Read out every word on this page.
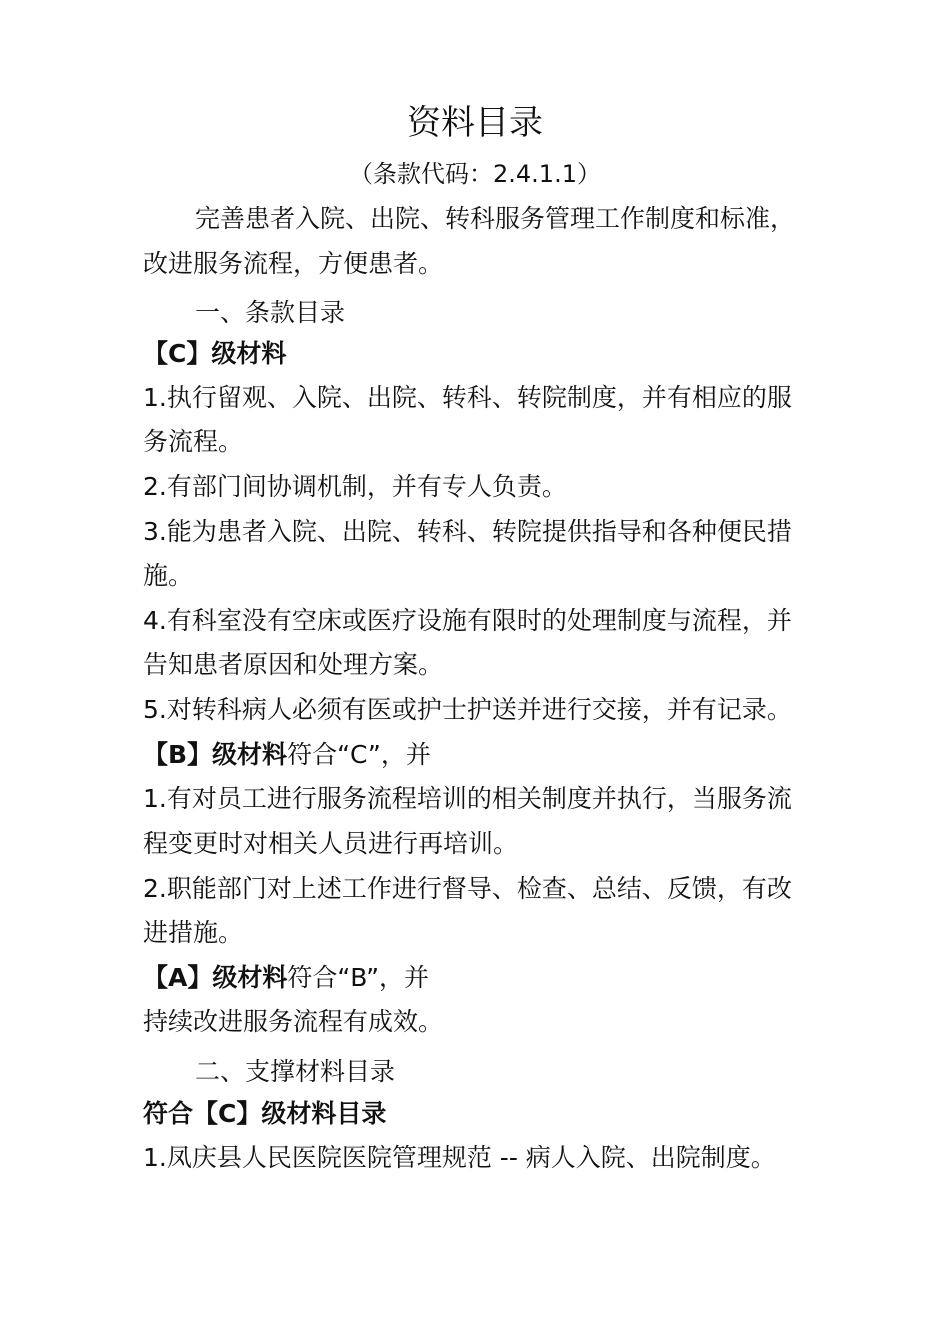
资料目录
（条款代码：2.4.1.1）
完善患者入院、出院、转科服务管理工作制度和标准，
改进服务流程，方便患者。
一、条款目录
【C】级材料
1.执行留观、入院、出院、转科、转院制度，并有相应的服
务流程。
2.有部门间协调机制，并有专人负责。
3.能为患者入院、出院、转科、转院提供指导和各种便民措
施。
4.有科室没有空床或医疗设施有限时的处理制度与流程，并
告知患者原因和处理方案。
5.对转科病人必须有医或护士护送并进行交接，并有记录。
【B】级材料符合“C”，并
1.有对员工进行服务流程培训的相关制度并执行，当服务流
程变更时对相关人员进行再培训。
2.职能部门对上述工作进行督导、检查、总结、反馈，有改
进措施。
【A】级材料符合“B”，并
持续改进服务流程有成效。
二、支撑材料目录
符合【C】级材料目录
1.凤庆县人民医院医院管理规范 -- 病人入院、出院制度。
